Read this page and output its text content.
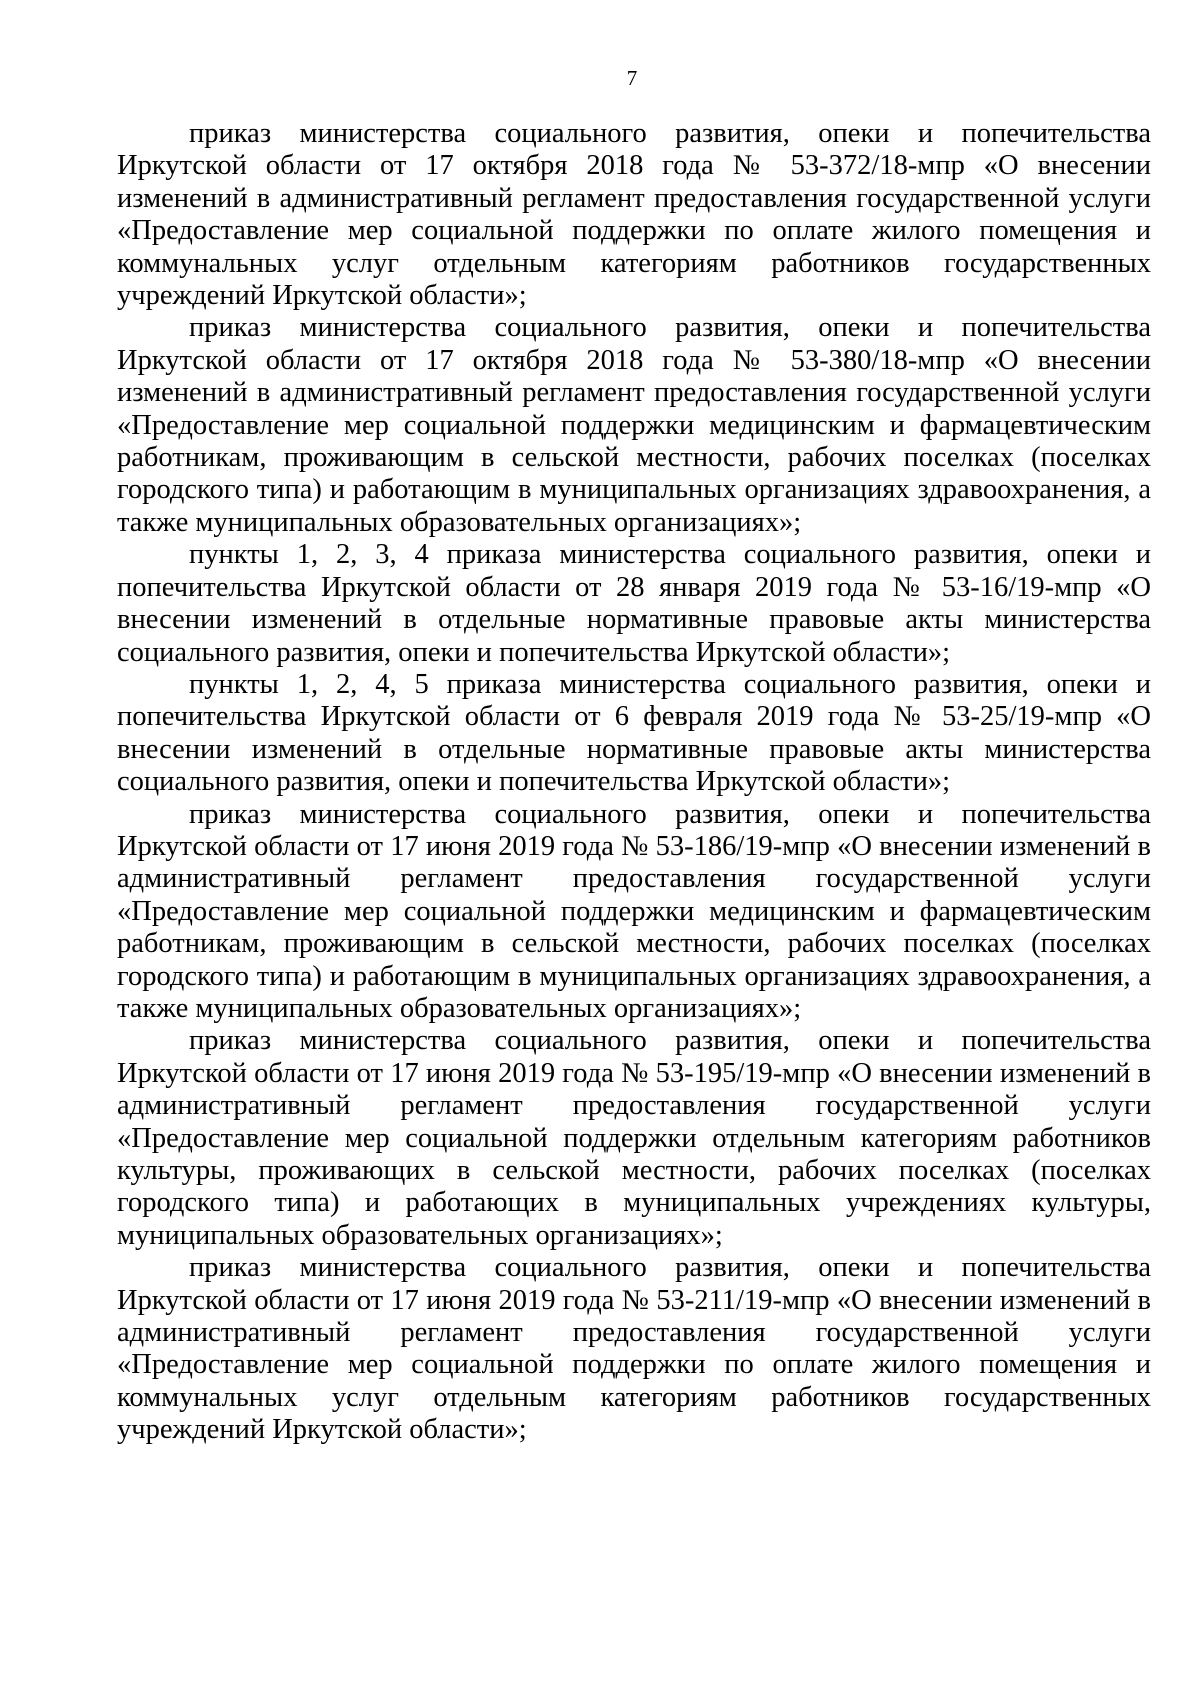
7

приказ министерства социального развития, опеки и попечительства Иркутской области от 17 октября 2018 года № 53-372/18-мпр «О внесении изменений в административный регламент предоставления государственной услуги «Предоставление мер социальной поддержки по оплате жилого помещения и коммунальных услуг отдельным категориям работников государственных учреждений Иркутской области»;

приказ министерства социального развития, опеки и попечительства Иркутской области от 17 октября 2018 года № 53-380/18-мпр «О внесении изменений в административный регламент предоставления государственной услуги «Предоставление мер социальной поддержки медицинским и фармацевтическим работникам, проживающим в сельской местности, рабочих поселках (поселках городского типа) и работающим в муниципальных организациях здравоохранения, а также муниципальных образовательных организациях»;

пункты 1, 2, 3, 4 приказа министерства социального развития, опеки и попечительства Иркутской области от 28 января 2019 года № 53-16/19-мпр «О внесении изменений в отдельные нормативные правовые акты министерства социального развития, опеки и попечительства Иркутской области»;

пункты 1, 2, 4, 5 приказа министерства социального развития, опеки и попечительства Иркутской области от 6 февраля 2019 года № 53-25/19-мпр «О внесении изменений в отдельные нормативные правовые акты министерства социального развития, опеки и попечительства Иркутской области»;

приказ министерства социального развития, опеки и попечительства Иркутской области от 17 июня 2019 года № 53-186/19-мпр «О внесении изменений в административный регламент предоставления государственной услуги «Предоставление мер социальной поддержки медицинским и фармацевтическим работникам, проживающим в сельской местности, рабочих поселках (поселках городского типа) и работающим в муниципальных организациях здравоохранения, а также муниципальных образовательных организациях»;

приказ министерства социального развития, опеки и попечительства Иркутской области от 17 июня 2019 года № 53-195/19-мпр «О внесении изменений в административный регламент предоставления государственной услуги «Предоставление мер социальной поддержки отдельным категориям работников культуры, проживающих в сельской местности, рабочих поселках (поселках городского типа) и работающих в муниципальных учреждениях культуры, муниципальных образовательных организациях»;

приказ министерства социального развития, опеки и попечительства Иркутской области от 17 июня 2019 года № 53-211/19-мпр «О внесении изменений в административный регламент предоставления государственной услуги «Предоставление мер социальной поддержки по оплате жилого помещения и коммунальных услуг отдельным категориям работников государственных учреждений Иркутской области»;
